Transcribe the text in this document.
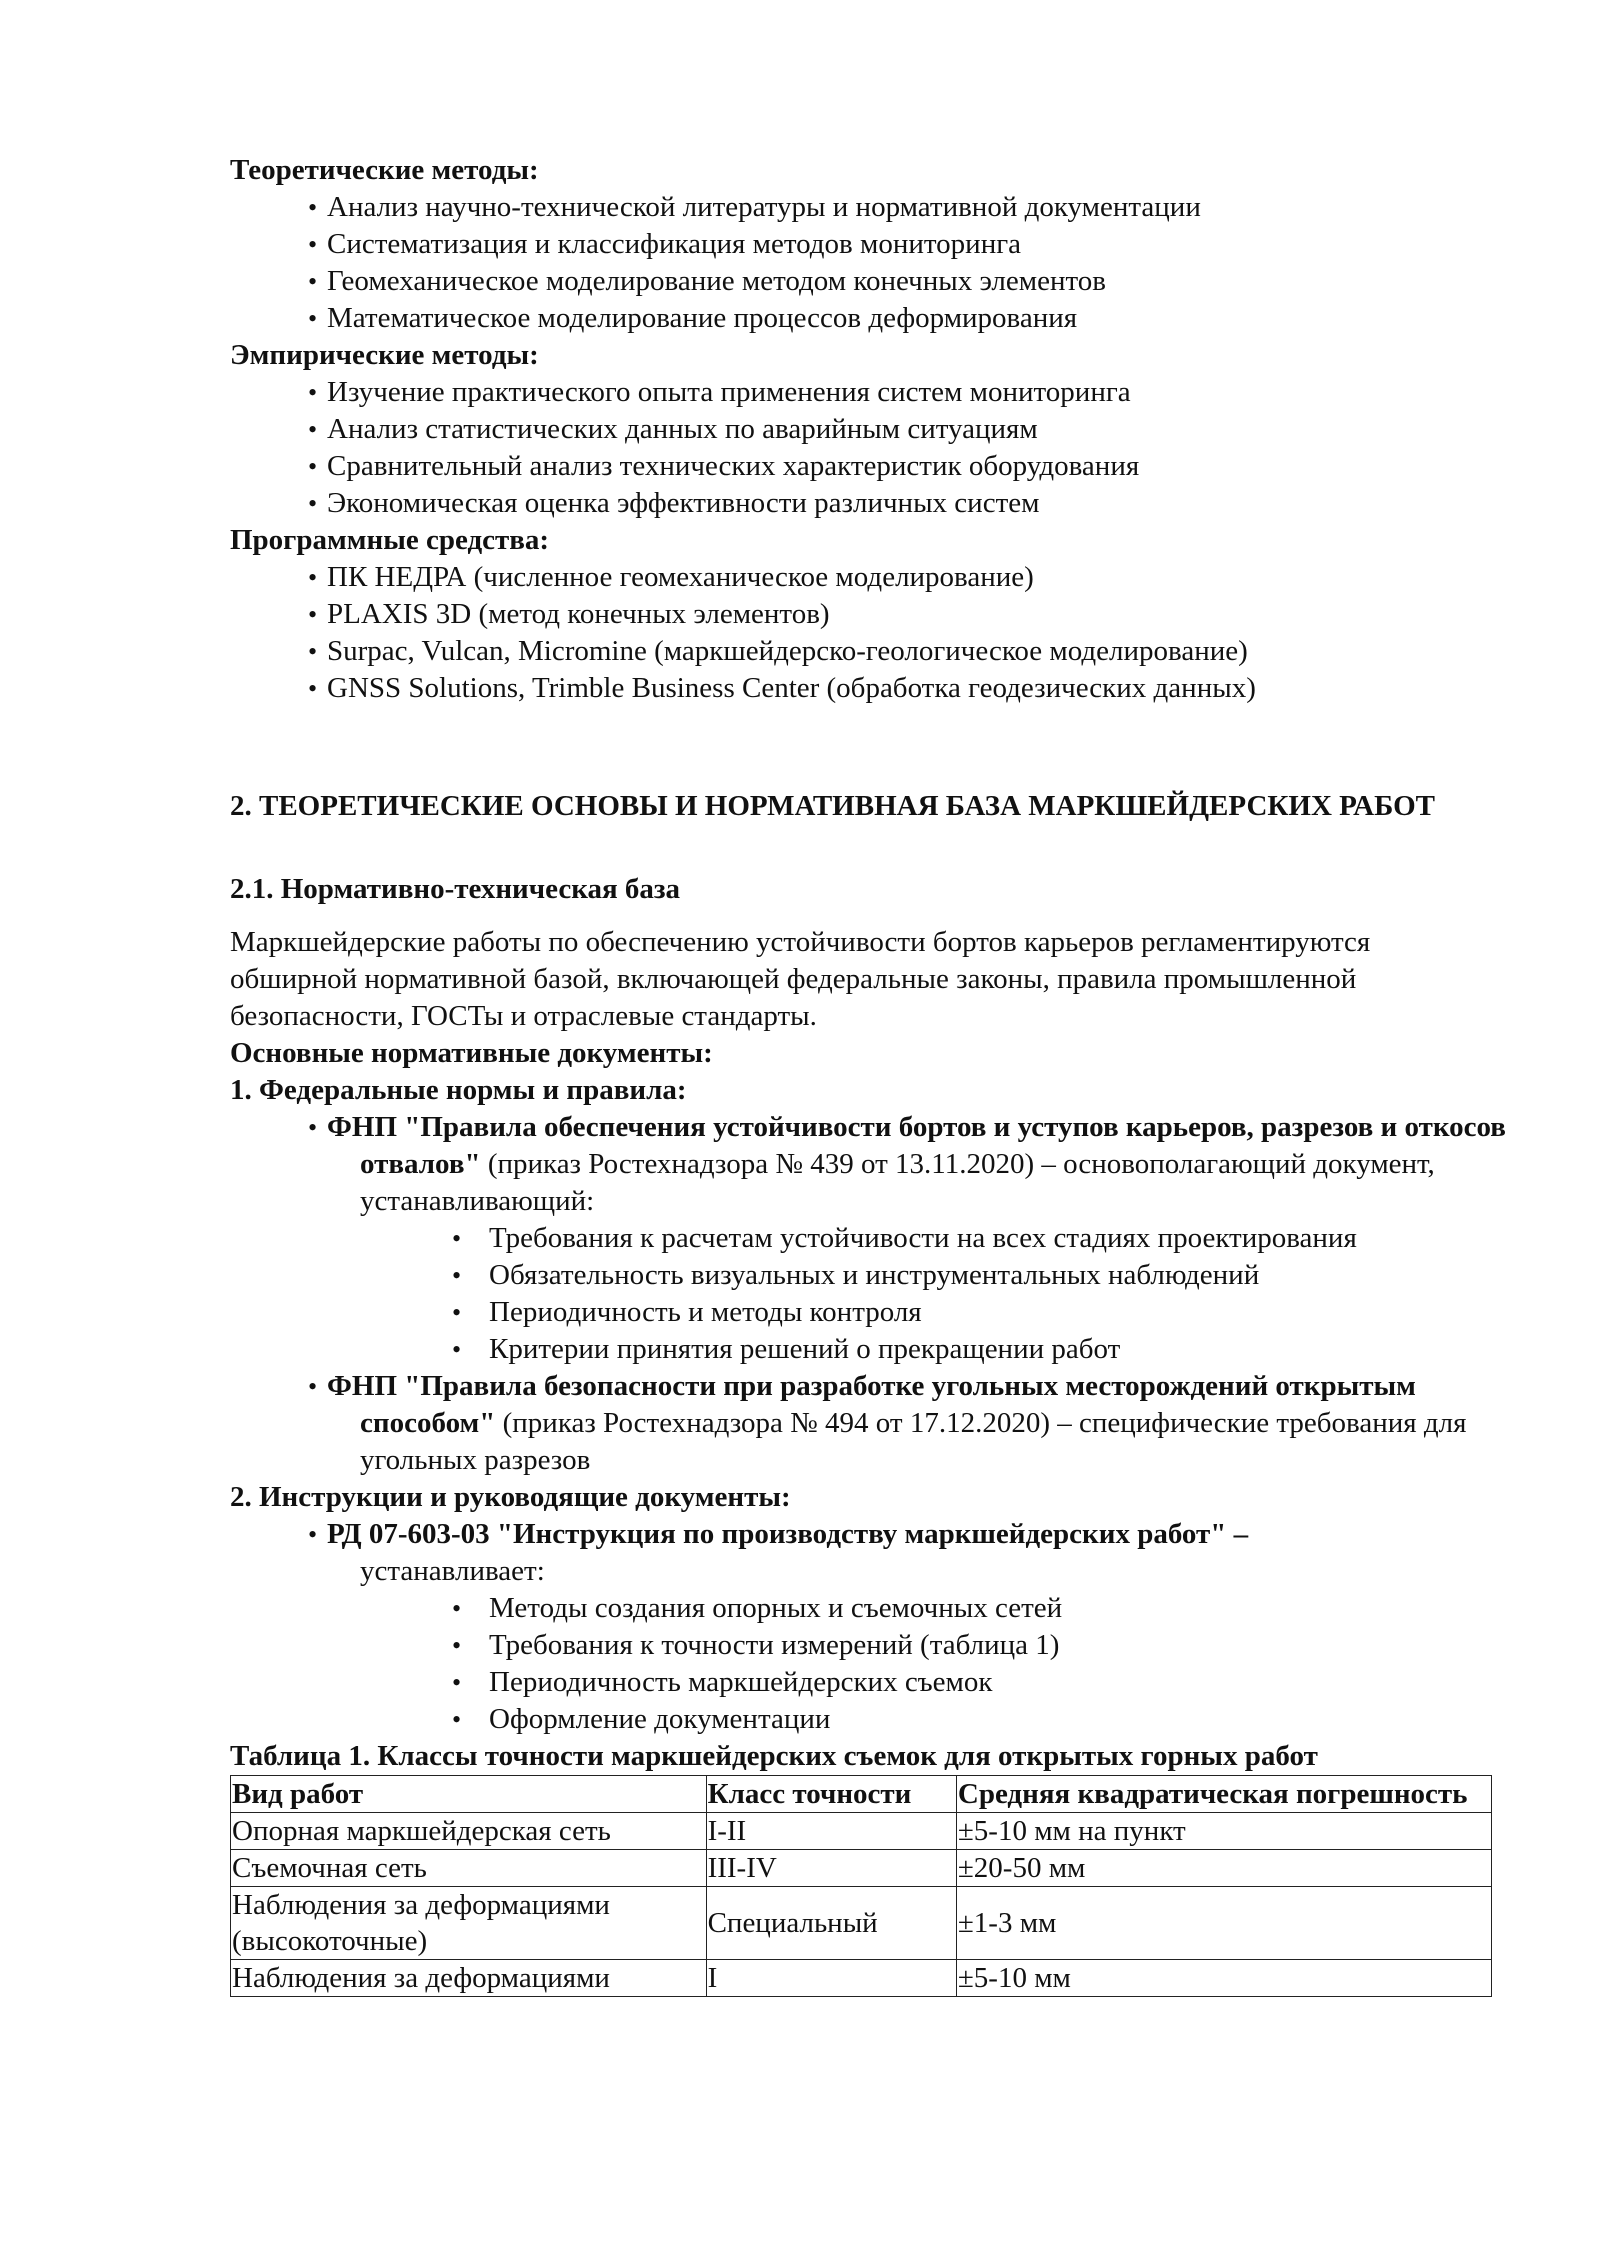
Теоретические методы:
• Анализ научно-технической литературы и нормативной документации
• Систематизация и классификация методов мониторинга
• Геомеханическое моделирование методом конечных элементов
• Математическое моделирование процессов деформирования
Эмпирические методы:
• Изучение практического опыта применения систем мониторинга
• Анализ статистических данных по аварийным ситуациям
• Сравнительный анализ технических характеристик оборудования
• Экономическая оценка эффективности различных систем
Программные средства:
• ПК НЕДРА (численное геомеханическое моделирование)
• PLAXIS 3D (метод конечных элементов)
• Surpac, Vulcan, Micromine (маркшейдерско-геологическое моделирование)
• GNSS Solutions, Trimble Business Center (обработка геодезических данных)
2. ТЕОРЕТИЧЕСКИЕ ОСНОВЫ И НОРМАТИВНАЯ БАЗА МАРКШЕЙДЕРСКИХ РАБОТ
2.1. Нормативно-техническая база

Маркшейдерские работы по обеспечению устойчивости бортов карьеров регламентируются обширной нормативной базой, включающей федеральные законы, правила промышленной безопасности, ГОСТы и отраслевые стандарты.

Основные нормативные документы:
1. Федеральные нормы и правила:
• ФНП "Правила обеспечения устойчивости бортов и уступов карьеров, разрезов и откосов отвалов" (приказ Ростехнадзора № 439 от 13.11.2020) – основополагающий документ, устанавливающий:
• Требования к расчетам устойчивости на всех стадиях проектирования
• Обязательность визуальных и инструментальных наблюдений
• Периодичность и методы контроля
• Критерии принятия решений о прекращении работ
• ФНП "Правила безопасности при разработке угольных месторождений открытым способом" (приказ Ростехнадзора № 494 от 17.12.2020) – специфические требования для угольных разрезов
2. Инструкции и руководящие документы:
• РД 07-603-03 "Инструкция по производству маркшейдерских работ" –
устанавливает:
• Методы создания опорных и съемочных сетей
• Требования к точности измерений (таблица 1)
• Периодичность маркшейдерских съемок
• Оформление документации
Таблица 1. Классы точности маркшейдерских съемок для открытых горных работ
Вид работ	Класс точности	Средняя квадратическая погрешность
Опорная маркшейдерская сеть	I-II	±5-10 мм на пункт
Съемочная сеть	III-IV	±20-50 мм
Наблюдения за деформациями (высокоточные)	Специальный	±1-3 мм
Наблюдения за деформациями	I	±5-10 мм
